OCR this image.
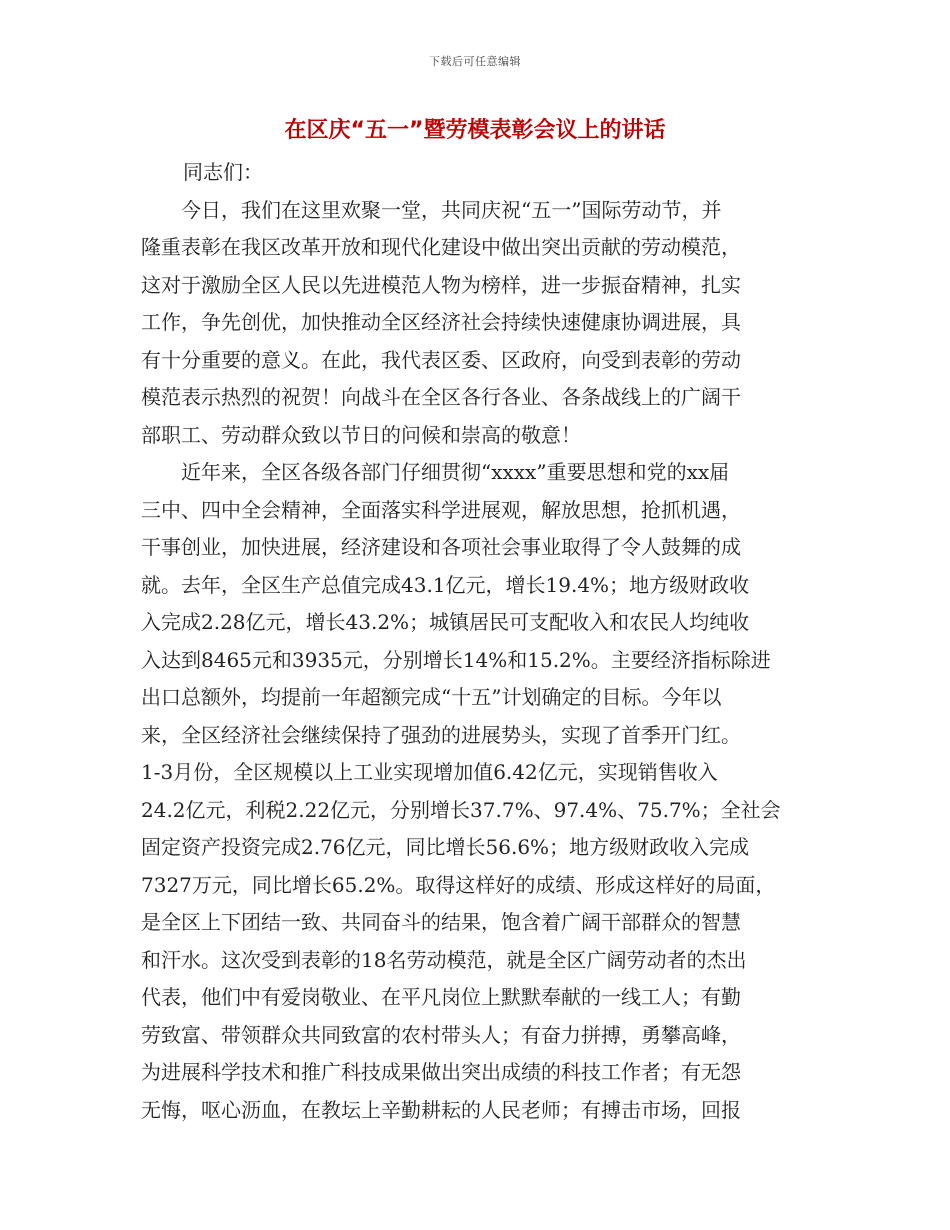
下载后可任意编辑
在区庆“五一”暨劳模表彰会议上的讲话
同志们：
　　今日，我们在这里欢聚一堂，共同庆祝“五一”国际劳动节，并
隆重表彰在我区改革开放和现代化建设中做出突出贡献的劳动模范，
这对于激励全区人民以先进模范人物为榜样，进一步振奋精神，扎实
工作，争先创优，加快推动全区经济社会持续快速健康协调进展，具
有十分重要的意义。在此，我代表区委、区政府，向受到表彰的劳动
模范表示热烈的祝贺！向战斗在全区各行各业、各条战线上的广阔干
部职工、劳动群众致以节日的问候和崇高的敬意！
　　近年来，全区各级各部门仔细贯彻“xxxx”重要思想和党的xx届
三中、四中全会精神，全面落实科学进展观，解放思想，抢抓机遇，
干事创业，加快进展，经济建设和各项社会事业取得了令人鼓舞的成
就。去年，全区生产总值完成43.1亿元，增长19.4%；地方级财政收
入完成2.28亿元，增长43.2%；城镇居民可支配收入和农民人均纯收
入达到8465元和3935元，分别增长14%和15.2%。主要经济指标除进
出口总额外，均提前一年超额完成“十五”计划确定的目标。今年以
来，全区经济社会继续保持了强劲的进展势头，实现了首季开门红。
1-3月份，全区规模以上工业实现增加值6.42亿元，实现销售收入
24.2亿元，利税2.22亿元，分别增长37.7%、97.4%、75.7%；全社会
固定资产投资完成2.76亿元，同比增长56.6%；地方级财政收入完成
7327万元，同比增长65.2%。取得这样好的成绩、形成这样好的局面，
是全区上下团结一致、共同奋斗的结果，饱含着广阔干部群众的智慧
和汗水。这次受到表彰的18名劳动模范，就是全区广阔劳动者的杰出
代表，他们中有爱岗敬业、在平凡岗位上默默奉献的一线工人；有勤
劳致富、带领群众共同致富的农村带头人；有奋力拼搏，勇攀高峰，
为进展科学技术和推广科技成果做出突出成绩的科技工作者；有无怨
无悔，呕心沥血，在教坛上辛勤耕耘的人民老师；有搏击市场，回报
